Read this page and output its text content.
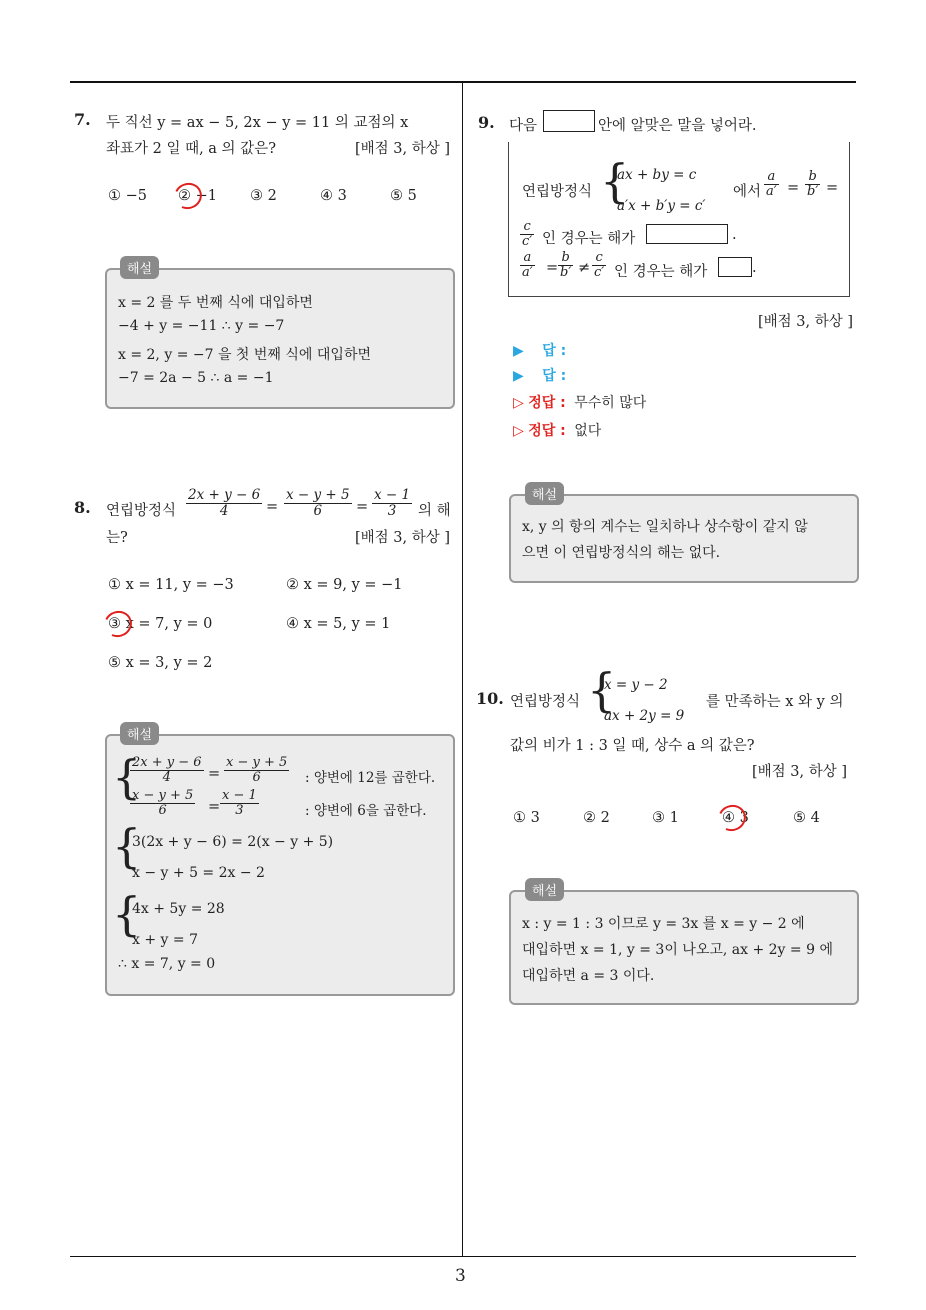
3
7. 두 직선 y = ax − 5, 2x − y = 11 의 교점의 x
좌표가 2 일 때, a 의 값은?	[배점 3, 하상 ]
① −5 ② −1 ③ 2	④ 3	⑤ 5
해설
x = 2 를 두 번째 식에 대입하면
−4 + y = −11 ∴ y = −7
x = 2, y = −7 을 첫 번째 식에 대입하면
−7 = 2a − 5 ∴ a = −1
8. 연립방정식 $\frac{2x + y - 6}{4} = \frac{x - y + 5}{6} = \frac{x - 1}{3}$ 의 해
는?	[배점 3, 하상 ]
① x = 11, y = −3	② x = 9, y = −1
③ x = 7, y = 0	④ x = 5, y = 1
⑤ x = 3, y = 2
해설
{
$\frac{2x + y - 6}{4} = \frac{x - y + 5}{6}$ : 양변에 12를 곱한다.
$\frac{x - y + 5}{6} = \frac{x - 1}{3}$	: 양변에 6을 곱한다.
{
3(2x + y − 6) = 2(x − y + 5)
x − y + 5 = 2x − 2
{
4x + 5y = 28
x + y = 7
∴ x = 7, y = 0
9. 다음	안에 알맞은 말을 넣어라.
연립방정식 {
ax + by = c
a′x + b′y = c′
에서 $\frac{a}{a'} = \frac{b}{b'}$ =
$\frac{c}{c'}$ 인 경우는 해가	.
$\frac{a}{a'} = \frac{b}{b'} \ne \frac{c}{c'}$ 인 경우는 해가	.
[배점 3, 하상 ]
▶ 답 :
▶ 답 :
▷ 정답 : 무수히 많다
▷ 정답 : 없다
해설
x, y 의 항의 계수는 일치하나 상수항이 같지 않
으면 이 연립방정식의 해는 없다.
10. 연립방정식 {
x = y − 2
ax + 2y = 9
를 만족하는 x 와 y 의
값의 비가 1 : 3 일 때, 상수 a 의 값은?
[배점 3, 하상 ]
① 3	② 2	③ 1	④ 3	⑤ 4
해설
x : y = 1 : 3 이므로 y = 3x 를 x = y − 2 에
대입하면 x = 1, y = 3이 나오고, ax + 2y = 9 에
대입하면 a = 3 이다.
